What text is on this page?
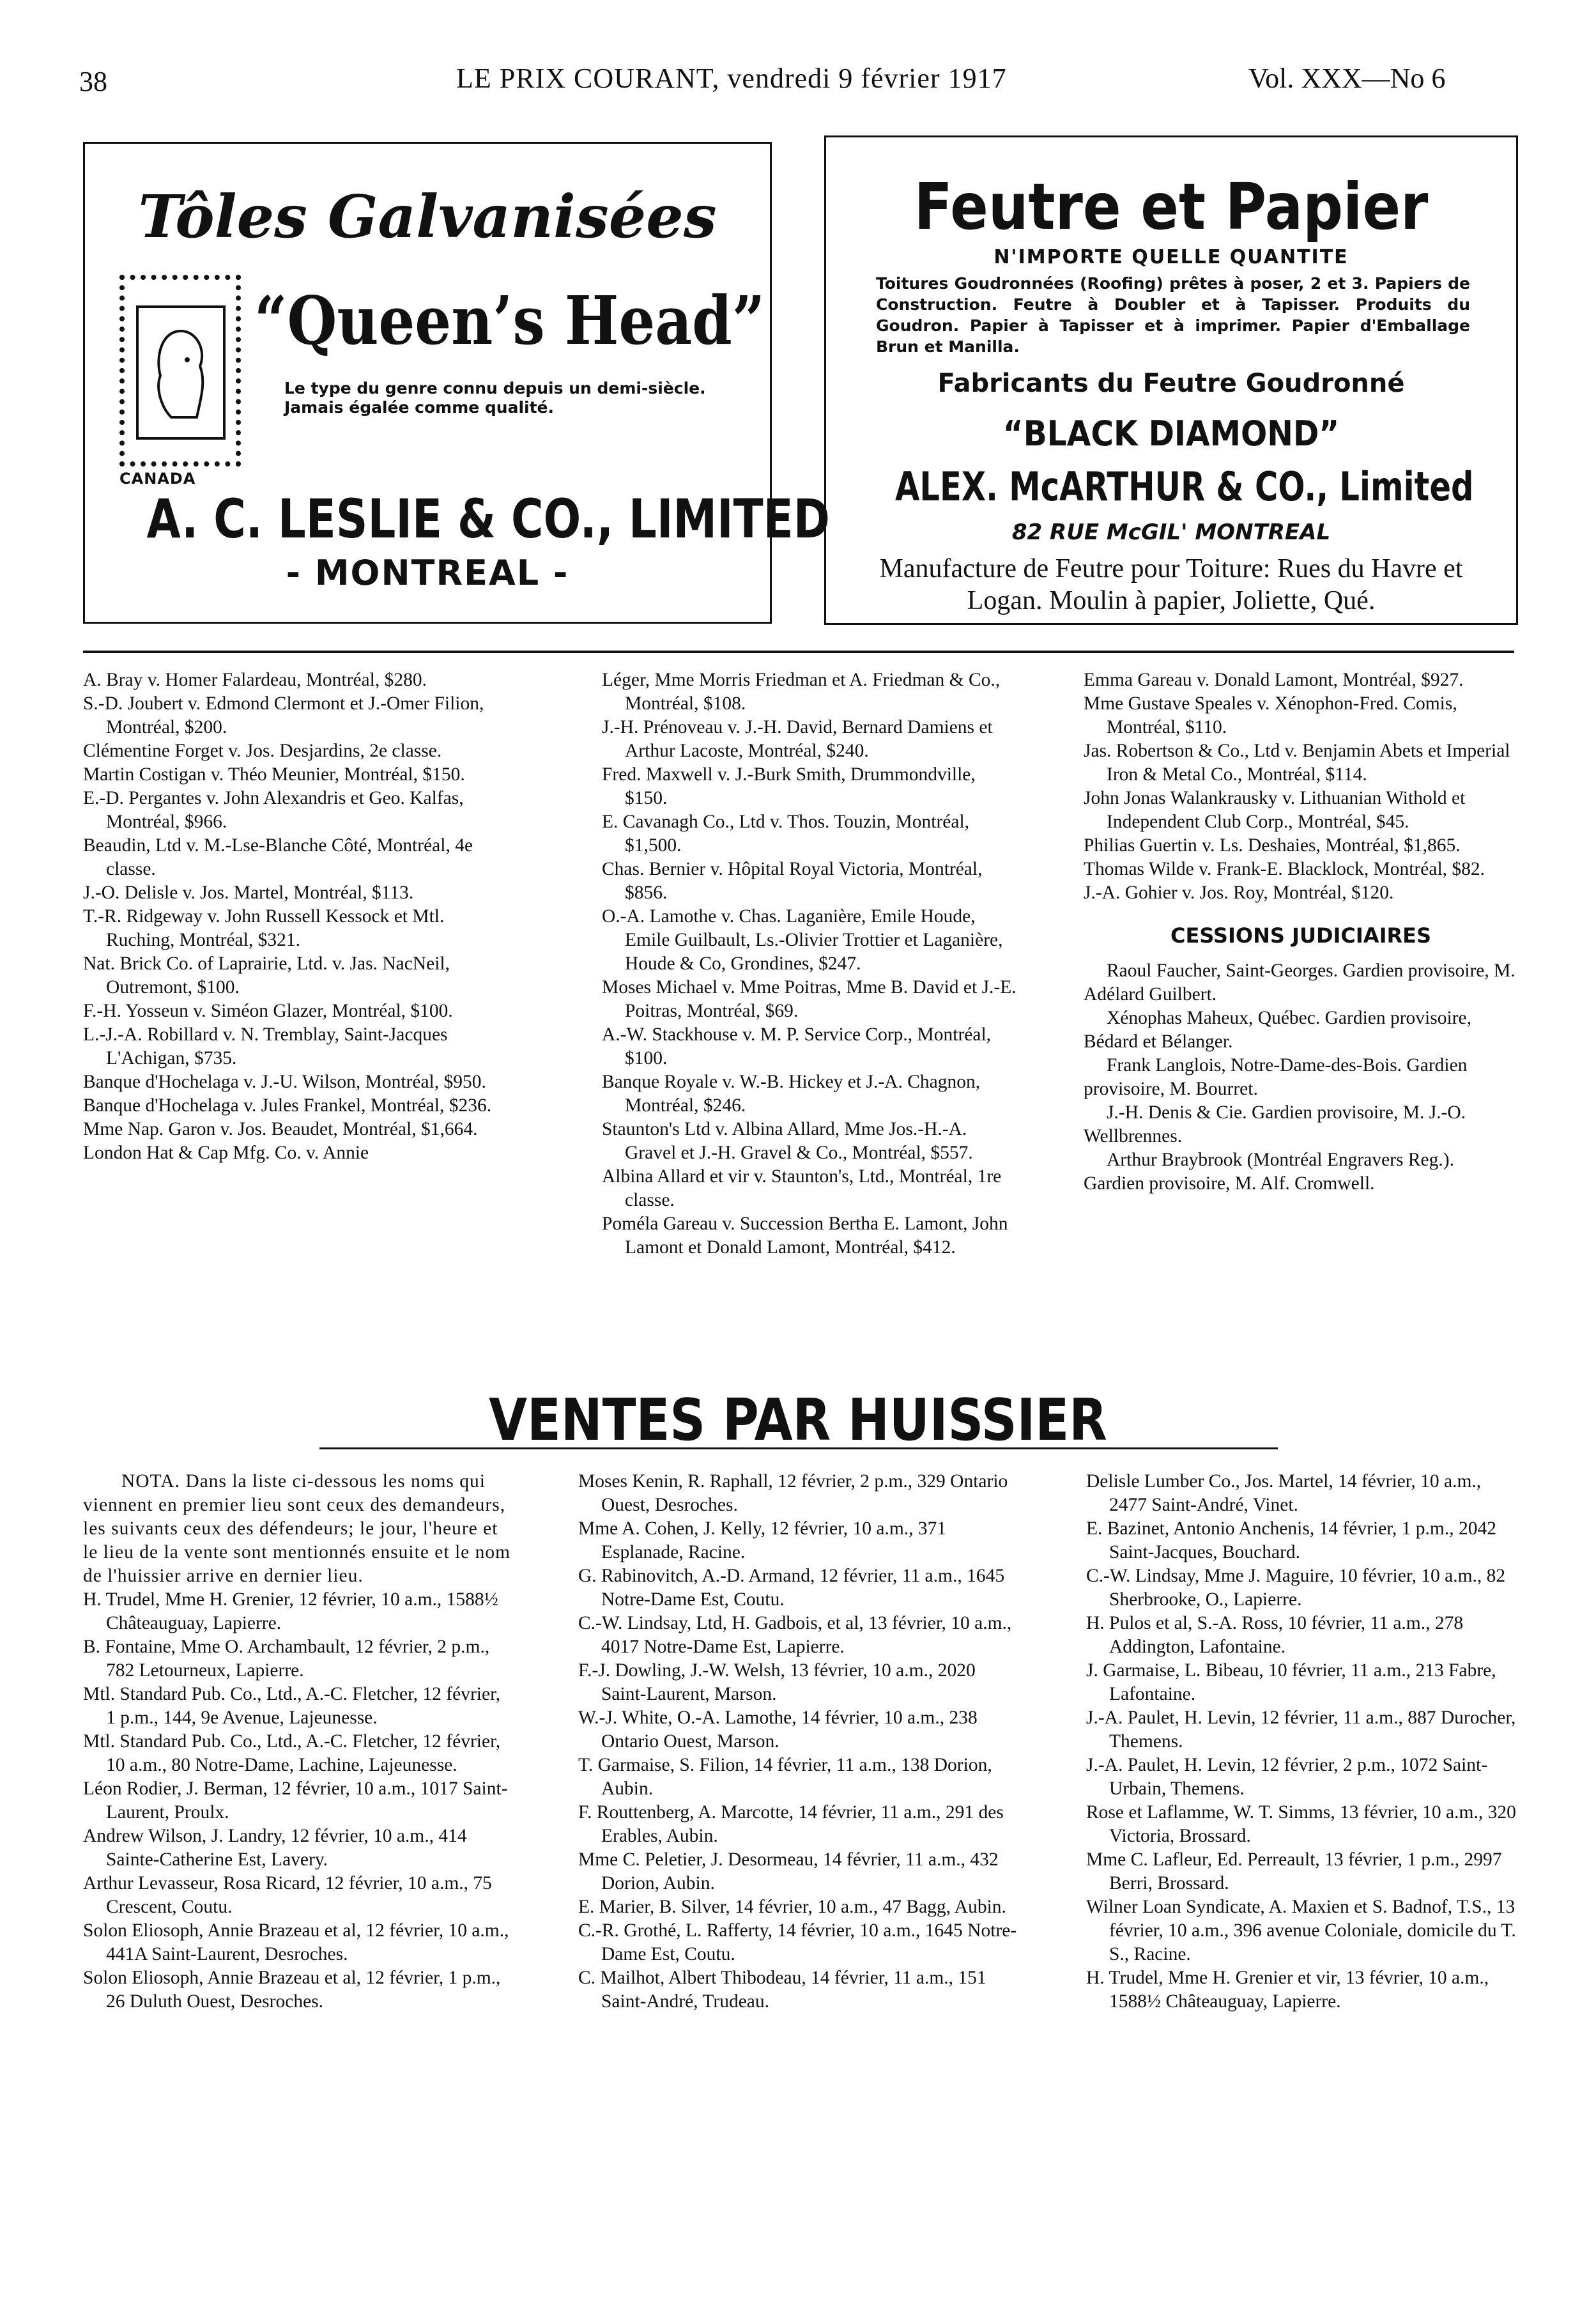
38	LE PRIX COURANT, vendredi 9 février 1917	Vol. XXX—No 6
Tôles Galvanisées
CANADA
“Queen’s Head”
Le type du genre connu depuis un demi-siècle. Jamais égalée comme qualité.
A. C. LESLIE & CO., LIMITED
- MONTREAL -
Feutre et Papier
N'IMPORTE QUELLE QUANTITE
Toitures Goudronnées (Roofing) prêtes à poser, 2 et 3. Papiers de Construction. Feutre à Doubler et à Tapisser. Produits du Goudron. Papier à Tapisser et à imprimer. Papier d'Emballage Brun et Manilla.
Fabricants du Feutre Goudronné
“BLACK DIAMOND”
ALEX. McARTHUR & CO., Limited
82 RUE McGIL' MONTREAL
Manufacture de Feutre pour Toiture: Rues du Havre et Logan. Moulin à papier, Joliette, Qué.

A. Bray v. Homer Falardeau, Montréal, $280.

S.-D. Joubert v. Edmond Clermont et J.-Omer Filion, Montréal, $200.

Clémentine Forget v. Jos. Desjardins, 2e classe.

Martin Costigan v. Théo Meunier, Montréal, $150.

E.-D. Pergantes v. John Alexandris et Geo. Kalfas, Montréal, $966.

Beaudin, Ltd v. M.-Lse-Blanche Côté, Montréal, 4e classe.

J.-O. Delisle v. Jos. Martel, Montréal, $113.

T.-R. Ridgeway v. John Russell Kessock et Mtl. Ruching, Montréal, $321.

Nat. Brick Co. of Laprairie, Ltd. v. Jas. NacNeil, Outremont, $100.

F.-H. Yosseun v. Siméon Glazer, Montréal, $100.

L.-J.-A. Robillard v. N. Tremblay, Saint-Jacques L'Achigan, $735.

Banque d'Hochelaga v. J.-U. Wilson, Montréal, $950.

Banque d'Hochelaga v. Jules Frankel, Montréal, $236.

Mme Nap. Garon v. Jos. Beaudet, Montréal, $1,664.

London Hat & Cap Mfg. Co. v. Annie

Léger, Mme Morris Friedman et A. Friedman & Co., Montréal, $108.

J.-H. Prénoveau v. J.-H. David, Bernard Damiens et Arthur Lacoste, Montréal, $240.

Fred. Maxwell v. J.-Burk Smith, Drummondville, $150.

E. Cavanagh Co., Ltd v. Thos. Touzin, Montréal, $1,500.

Chas. Bernier v. Hôpital Royal Victoria, Montréal, $856.

O.-A. Lamothe v. Chas. Laganière, Emile Houde, Emile Guilbault, Ls.-Olivier Trottier et Laganière, Houde & Co, Grondines, $247.

Moses Michael v. Mme Poitras, Mme B. David et J.-E. Poitras, Montréal, $69.

A.-W. Stackhouse v. M. P. Service Corp., Montréal, $100.

Banque Royale v. W.-B. Hickey et J.-A. Chagnon, Montréal, $246.

Staunton's Ltd v. Albina Allard, Mme Jos.-H.-A. Gravel et J.-H. Gravel & Co., Montréal, $557.

Albina Allard et vir v. Staunton's, Ltd., Montréal, 1re classe.

Poméla Gareau v. Succession Bertha E. Lamont, John Lamont et Donald Lamont, Montréal, $412.

Emma Gareau v. Donald Lamont, Montréal, $927.

Mme Gustave Speales v. Xénophon-Fred. Comis, Montréal, $110.

Jas. Robertson & Co., Ltd v. Benjamin Abets et Imperial Iron & Metal Co., Montréal, $114.

John Jonas Walankrausky v. Lithuanian Withold et Independent Club Corp., Montréal, $45.

Philias Guertin v. Ls. Deshaies, Montréal, $1,865.

Thomas Wilde v. Frank-E. Blacklock, Montréal, $82.

J.-A. Gohier v. Jos. Roy, Montréal, $120.

CESSIONS JUDICIAIRES

Raoul Faucher, Saint-Georges. Gardien provisoire, M. Adélard Guilbert.

Xénophas Maheux, Québec. Gardien provisoire, Bédard et Bélanger.

Frank Langlois, Notre-Dame-des-Bois. Gardien provisoire, M. Bourret.

J.-H. Denis & Cie. Gardien provisoire, M. J.-O. Wellbrennes.

Arthur Braybrook (Montréal Engravers Reg.). Gardien provisoire, M. Alf. Cromwell.

VENTES PAR HUISSIER

NOTA. Dans la liste ci-dessous les noms qui viennent en premier lieu sont ceux des demandeurs, les suivants ceux des défendeurs; le jour, l'heure et le lieu de la vente sont mentionnés ensuite et le nom de l'huissier arrive en dernier lieu.

H. Trudel, Mme H. Grenier, 12 février, 10 a.m., 1588½ Châteauguay, Lapierre.

B. Fontaine, Mme O. Archambault, 12 février, 2 p.m., 782 Letourneux, Lapierre.

Mtl. Standard Pub. Co., Ltd., A.-C. Fletcher, 12 février, 1 p.m., 144, 9e Avenue, Lajeunesse.

Mtl. Standard Pub. Co., Ltd., A.-C. Fletcher, 12 février, 10 a.m., 80 Notre-Dame, Lachine, Lajeunesse.

Léon Rodier, J. Berman, 12 février, 10 a.m., 1017 Saint-Laurent, Proulx.

Andrew Wilson, J. Landry, 12 février, 10 a.m., 414 Sainte-Catherine Est, Lavery.

Arthur Levasseur, Rosa Ricard, 12 février, 10 a.m., 75 Crescent, Coutu.

Solon Eliosoph, Annie Brazeau et al, 12 février, 10 a.m., 441A Saint-Laurent, Desroches.

Solon Eliosoph, Annie Brazeau et al, 12 février, 1 p.m., 26 Duluth Ouest, Desroches.

Moses Kenin, R. Raphall, 12 février, 2 p.m., 329 Ontario Ouest, Desroches.

Mme A. Cohen, J. Kelly, 12 février, 10 a.m., 371 Esplanade, Racine.

G. Rabinovitch, A.-D. Armand, 12 février, 11 a.m., 1645 Notre-Dame Est, Coutu.

C.-W. Lindsay, Ltd, H. Gadbois, et al, 13 février, 10 a.m., 4017 Notre-Dame Est, Lapierre.

F.-J. Dowling, J.-W. Welsh, 13 février, 10 a.m., 2020 Saint-Laurent, Marson.

W.-J. White, O.-A. Lamothe, 14 février, 10 a.m., 238 Ontario Ouest, Marson.

T. Garmaise, S. Filion, 14 février, 11 a.m., 138 Dorion, Aubin.

F. Routtenberg, A. Marcotte, 14 février, 11 a.m., 291 des Erables, Aubin.

Mme C. Peletier, J. Desormeau, 14 février, 11 a.m., 432 Dorion, Aubin.

E. Marier, B. Silver, 14 février, 10 a.m., 47 Bagg, Aubin.

C.-R. Grothé, L. Rafferty, 14 février, 10 a.m., 1645 Notre-Dame Est, Coutu.

C. Mailhot, Albert Thibodeau, 14 février, 11 a.m., 151 Saint-André, Trudeau.

Delisle Lumber Co., Jos. Martel, 14 février, 10 a.m., 2477 Saint-André, Vinet.

E. Bazinet, Antonio Anchenis, 14 février, 1 p.m., 2042 Saint-Jacques, Bouchard.

C.-W. Lindsay, Mme J. Maguire, 10 février, 10 a.m., 82 Sherbrooke, O., Lapierre.

H. Pulos et al, S.-A. Ross, 10 février, 11 a.m., 278 Addington, Lafontaine.

J. Garmaise, L. Bibeau, 10 février, 11 a.m., 213 Fabre, Lafontaine.

J.-A. Paulet, H. Levin, 12 février, 11 a.m., 887 Durocher, Themens.

J.-A. Paulet, H. Levin, 12 février, 2 p.m., 1072 Saint-Urbain, Themens.

Rose et Laflamme, W. T. Simms, 13 février, 10 a.m., 320 Victoria, Brossard.

Mme C. Lafleur, Ed. Perreault, 13 février, 1 p.m., 2997 Berri, Brossard.

Wilner Loan Syndicate, A. Maxien et S. Badnof, T.S., 13 février, 10 a.m., 396 avenue Coloniale, domicile du T. S., Racine.

H. Trudel, Mme H. Grenier et vir, 13 février, 10 a.m., 1588½ Châteauguay, Lapierre.
